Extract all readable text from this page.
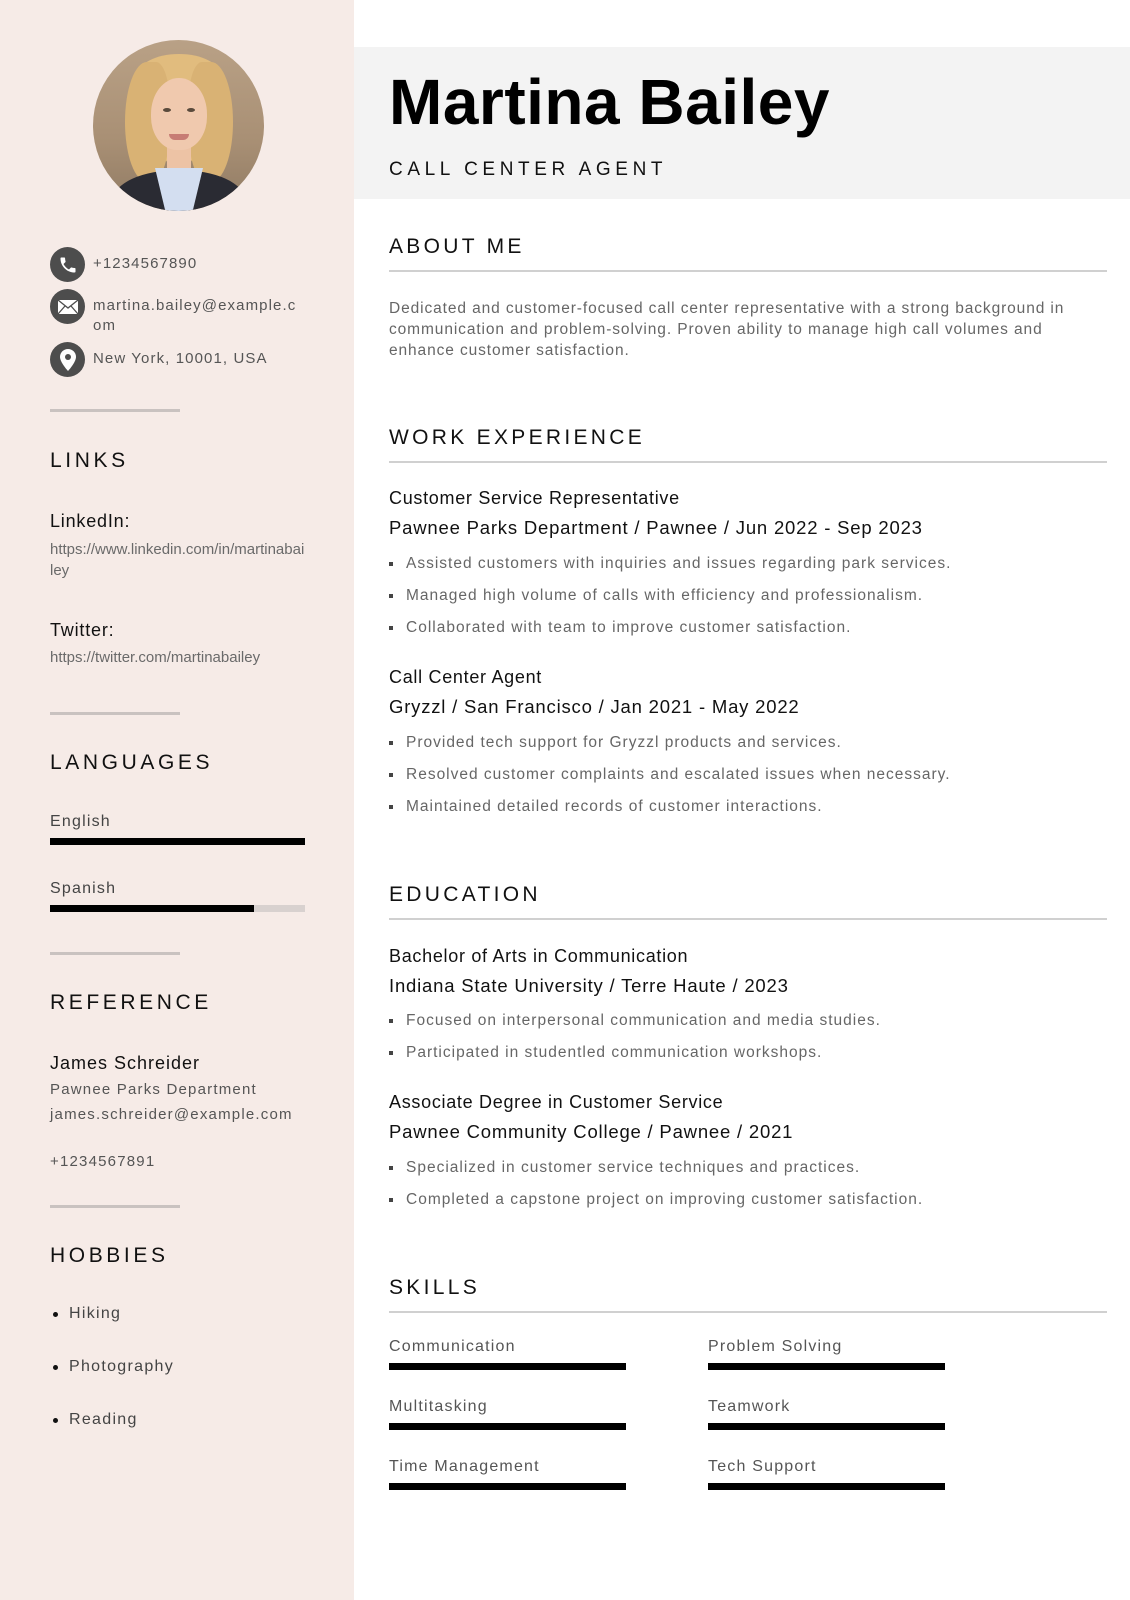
+1234567890
martina.bailey@example.com
New York, 10001, USA
LINKS
LinkedIn:
https://www.linkedin.com/in/martinabailey
Twitter:
https://twitter.com/martinabailey
LANGUAGES
English
Spanish
REFERENCE
James Schreider
Pawnee Parks Department
james.schreider@example.com
+1234567891
HOBBIES
Hiking
Photography
Reading
Martina Bailey
CALL CENTER AGENT
ABOUT ME

Dedicated and customer-focused call center representative with a strong background in communication and problem-solving. Proven ability to manage high call volumes and enhance customer satisfaction.

WORK EXPERIENCE
Customer Service Representative
Pawnee Parks Department / Pawnee / Jun 2022 - Sep 2023
Assisted customers with inquiries and issues regarding park services.
Managed high volume of calls with efficiency and professionalism.
Collaborated with team to improve customer satisfaction.
Call Center Agent
Gryzzl / San Francisco / Jan 2021 - May 2022
Provided tech support for Gryzzl products and services.
Resolved customer complaints and escalated issues when necessary.
Maintained detailed records of customer interactions.
EDUCATION
Bachelor of Arts in Communication
Indiana State University / Terre Haute / 2023
Focused on interpersonal communication and media studies.
Participated in studentled communication workshops.
Associate Degree in Customer Service
Pawnee Community College / Pawnee / 2021
Specialized in customer service techniques and practices.
Completed a capstone project on improving customer satisfaction.
SKILLS
Communication	Problem Solving
Multitasking	Teamwork
Time Management	Tech Support
